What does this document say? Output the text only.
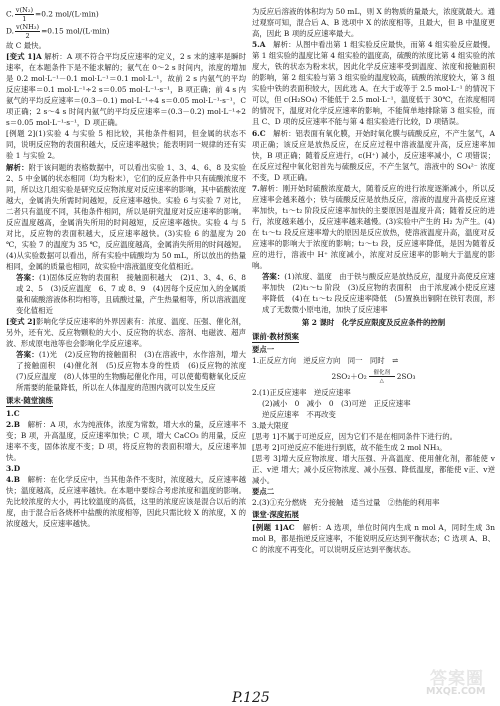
C. $\frac{\text{v(N₂)}}{1} =0.2$ mol/(L·min)
D. $\frac{\text{v(NH₃)}}{2} =0.15$ mol/(L·min)

故 C 最快。

[变式 1]A 解析：A 项不符合平均反应速率的定义，2 s 末的速率是瞬时速率，在本题条件下是不能求解的；氨气在 0～2 s 时间内，浓度的增加是 0.2 mol·L⁻¹－0.1 mol·L⁻¹＝0.1 mol·L⁻¹，故前 2 s 内氨气的平均反应速率＝0.1 mol·L⁻¹÷2 s＝0.05 mol·L⁻¹·s⁻¹，B 项正确；前 4 s 内氨气的平均反应速率＝(0.3－0.1) mol·L⁻¹÷4 s＝0.05 mol·L⁻¹·s⁻¹，C 项正确；2 s～4 s 时间内氨气的平均反应速率＝(0.3－0.2) mol·L⁻¹÷2 s＝0.05 mol·L⁻¹·s⁻¹，D 项正确。

[例题 2](1)实验 4 与实验 5 相比较，其他条件相同，但金属的状态不同，说明反应物的表面积越大，反应速率越快；能表明同一规律的还有实验 1 与实验 2。

解析：附于该问题的表格数据中，可以看出实验 1、3、4、6、8 及实验 2、5 中金属的状态相同（均为粉末），它们的反应条件中只有硫酸浓度不同，所以这几组实验是研究反应物浓度对反应速率的影响，其中硫酸浓度越大，金属消失所需时间越短，反应速率越快。实验 6 与实验 7 对比，二者只有温度不同，其他条件相同，所以是研究温度对反应速率的影响。反应温度越高，金属消失所用的时间越短，反应速率越快。实验 4 与 5 对比，反应物的表面积越大，反应速率越快。(3)实验 6 的温度为 20 ℃，实验 7 的温度为 35 ℃，反应温度越高，金属消失所用的时间越短。(4)从实验数据可以看出，所有实验中硫酸均为 50 mL，所以放出的热量相同，金属的质量也相同，故实验中溶液温度变化值相近。

答案：(1)固体反应物的表面积　接触面积越大　(2)1、3、4、6、8 或 2、5　(3)反应温度　6、7 或 8、9　(4)因每个反应加入的金属质量和硫酸溶液体积均相等，且硫酸过量，产生热量相等，所以溶液温度变化值相近

[变式 2]影响化学反应速率的外界因素有：浓度、温度、压强、催化剂，另外，还有光、反应物颗粒的大小、反应物的状态、溶剂、电磁波、超声波、形成原电池等也会影响化学反应速率。

答案：(1)光　(2)反应物的接触面积　(3)在溶液中，水作溶剂，增大了接触面积　(4)催化剂　(5)反应物本身的性质　(6)反应物的浓度　(7)反应温度　(8)人体里的生物酶起催化作用，可以使葡萄糖氧化反应所需要的能量降低，所以在人体温度的范围内就可以发生反应

课末·随堂演练

1.C

2.B　 解析：A 项，水为纯液体，浓度为常数，增大水的量，反应速率不变；B 项，升高温度，反应速率加快；C 项，增大 CaCO₃ 的用量，反应速率不变，固体浓度不变；D 项，将反应物的表面积增大，反应速率加快。

3.D

4.B　 解析：在化学反应中，当其他条件不变时，浓度越大，反应速率越快；温度越高，反应速率越快。在本题中要综合考虑浓度和温度的影响。先比较浓度的大小，再比较温度的高低，这里的浓度应该是混合以后的浓度，由于混合后各烧杯中盐酸的浓度相等，因此只需比较 X 的浓度，X 的浓度越大，反应速率越快。

为反应后溶液的体积均为 50 mL，则 X 的物质的量最大，浓度就最大。通过观察可知，混合后 A、B 选项中 X 的浓度相等，且最大，但 B 中温度更高，因此 B 项的反应速率最大。

5.A　 解析：从图中看出第 1 组实验反应最快，而第 4 组实验反应最慢。第 1 组实验的温度比第 4 组实验的温度高，硫酸的浓度比第 4 组实验的浓度大，铁的状态为粉末状，因此化学反应速率受到温度、浓度和接触面积的影响，第 2 组实验与第 3 组实验的温度较高，硫酸的浓度较大，第 3 组实验中铁的表面积较大，因此选 A。在大于或等于 2.5 mol·L⁻¹ 的情况下可以，但 c(H₂SO₄) 不能低于 2.5 mol·L⁻¹，温度低于 30℃，在浓度相同的情况下，温度对化学反应速率的影响，不能简单地排除第 3 组实验，而且 C、D 项的反应速率不能与第 4 组实验进行比较，D 项错误。

6.C　 解析：铝表面有氧化膜，开始时氧化膜与硫酸反应，不产生氢气，A 项正确；该反应是放热反应，在反应过程中溶液温度升高，反应速率加快，B 项正确；随着反应进行，c(H⁺) 减小，反应速率减小，C 项错误；在反应过程中氧化铝首先与硫酸反应，不产生氢气，溶液中的 SO₄²⁻ 浓度不变，D 项正确。

7.解析：刚开始时硫酸浓度最大，随着反应的进行浓度逐渐减小，所以反应速率会越来越小；铁与硫酸反应是放热反应，溶液的温度升高使反应速率加快，t₁～t₂ 阶段反应速率加快的主要原因是温度升高；随着反应的进行，浓度越来越小，反应速率越来越慢。(3)实验中产生的 H₂ 为产生。(4)在 t₁～t₂ 段反应速率增大的原因是反应放热，使溶液温度升高，温度对反应速率的影响大于浓度的影响；t₂～t₃ 段，反应速率降低，是因为随着反应的进行，溶液中 H⁺ 浓度减小，浓度对反应速率的影响大于温度的影响。

答案：(1)浓度、温度　由于铁与酸反应是放热反应，温度升高使反应速率加快　(2)t₁～t₂ 阶段　(3)反应物的表面积　由于浓度减小使反应速率降低　(4)在 t₁～t₂ 段反应速率降低　(5)置换出铜附在铁钉表面，形成了无数微小原电池，加快了反应速率

第 2 课时　化学反应限度及反应条件的控制
课前·教材预案

要点一

1.正反应方向　逆反应方向　同一　同时　⇌

2SO₂＋O₂	催化剂
△	2SO₃

2.(1)正反应速率　逆反应速率

(2)减小　0　减小　0　(3)可逆　正反应速率

逆反应速率　不再改变

3.最大限度

[思考 1]不属于可逆反应，因为它们不是在相同条件下进行的。

[思考 2]可逆反应不能进行到底，故不能生成 2 mol NH₃。

[思考 3]增大反应物浓度、增大压强、升高温度、使用催化剂，都能使 v正、v逆 增大；减小反应物浓度、减小压强、降低温度，都能使 v正、v逆 减小。

要点二

2.(3)①充分燃烧　充分接触　适当过量　②热能的利用率

课堂·深度拓展

[例题 1]AC　 解析：A 选项，单位时间内生成 n mol A，同时生成 3n mol B，都是指逆反应速率，不能说明反应达到平衡状态；C 选项 A、B、C 的浓度不再变化，可以说明反应达到平衡状态。

P.125
答案圈
MXQE.COM
